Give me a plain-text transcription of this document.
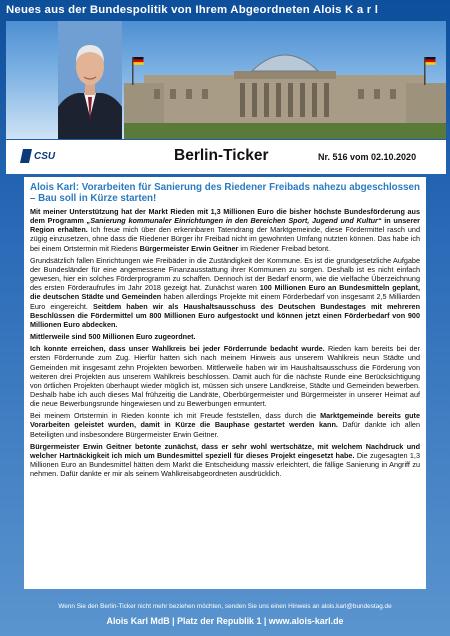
Neues aus der Bundespolitik von Ihrem Abgeordneten Alois K a r l
CSU	Berlin-Ticker	Nr. 516 vom 02.10.2020
Alois Karl: Vorarbeiten für Sanierung des Riedener Freibads nahezu abgeschlossen – Bau soll in Kürze starten!

Mit meiner Unterstützung hat der Markt Rieden mit 1,3 Millionen Euro die bisher höchste Bundesförderung aus dem Programm „Sanierung kommunaler Einrichtungen in den Bereichen Sport, Jugend und Kultur“ in unserer Region erhalten. Ich freue mich über den erkennbaren Tatendrang der Marktgemeinde, diese Fördermittel rasch und zügig einzusetzen, ohne dass die Riedener Bürger ihr Freibad nicht im gewohnten Umfang nutzten können. Das habe ich bei einem Ortstermin mit Riedens Bürgermeister Erwin Geitner im Riedener Freibad betont.

Grundsätzlich fallen Einrichtungen wie Freibäder in die Zuständigkeit der Kommune. Es ist die grundgesetzliche Aufgabe der Bundesländer für eine angemessene Finanzausstattung ihrer Kommunen zu sorgen. Deshalb ist es nicht einfach gewesen, hier ein solches Förderprogramm zu schaffen. Dennoch ist der Bedarf enorm, wie die vielfache Überzeichnung des ersten Förderaufrufes im Jahr 2018 gezeigt hat. Zunächst waren 100 Millionen Euro an Bundesmitteln geplant, die deutschen Städte und Gemeinden haben allerdings Projekte mit einem Förderbedarf von insgesamt 2,5 Milliarden Euro eingereicht. Seitdem haben wir als Haushaltsausschuss des Deutschen Bundestages mit mehreren Beschlüssen die Fördermittel um 800 Millionen Euro aufgestockt und können jetzt einen Förderbedarf von 900 Millionen Euro abdecken.

Mittlerweile sind 500 Millionen Euro zugeordnet.

Ich konnte erreichen, dass unser Wahlkreis bei jeder Förderrunde bedacht wurde. Rieden kam bereits bei der ersten Förderrunde zum Zug. Hierfür hatten sich nach meinem Hinweis aus unserem Wahlkreis neun Städte und Gemeinden mit insgesamt zehn Projekten beworben. Mittlerweile haben wir im Haushaltsausschuss die Förderung von weiteren drei Projekten aus unserem Wahlkreis beschlossen. Damit auch für die nächste Runde eine Berücksichtigung von örtlichen Projekten überhaupt wieder möglich ist, müssen sich unsere Landkreise, Städte und Gemeinden bewerben. Deshalb habe ich auch dieses Mal frühzeitig die Landräte, Oberbürgermeister und Bürgermeister in unserer Heimat auf die neue Bewerbungsrunde hingewiesen und zu Bewerbungen ermuntert.

Bei meinem Ortstermin in Rieden konnte ich mit Freude feststellen, dass durch die Marktgemeinde bereits gute Vorarbeiten geleistet wurden, damit in Kürze die Bauphase gestartet werden kann. Dafür dankte ich allen Beteiligten und insbesondere Bürgermeister Erwin Geitner.

Bürgermeister Erwin Geitner betonte zunächst, dass er sehr wohl wertschätze, mit welchem Nachdruck und welcher Hartnäckigkeit ich mich um Bundesmittel speziell für dieses Projekt eingesetzt habe. Die zugesagten 1,3 Millionen Euro an Bundesmittel hätten dem Markt die Entscheidung massiv erleichtert, die fällige Sanierung in Angriff zu nehmen. Dafür dankte er mir als seinem Wahlkreisabgeordneten ausdrücklich.

Wenn Sie den Berlin-Ticker nicht mehr beziehen möchten, senden Sie uns einen Hinweis an alois.karl@bundestag.de
Alois Karl MdB | Platz der Republik 1 | www.alois-karl.de
